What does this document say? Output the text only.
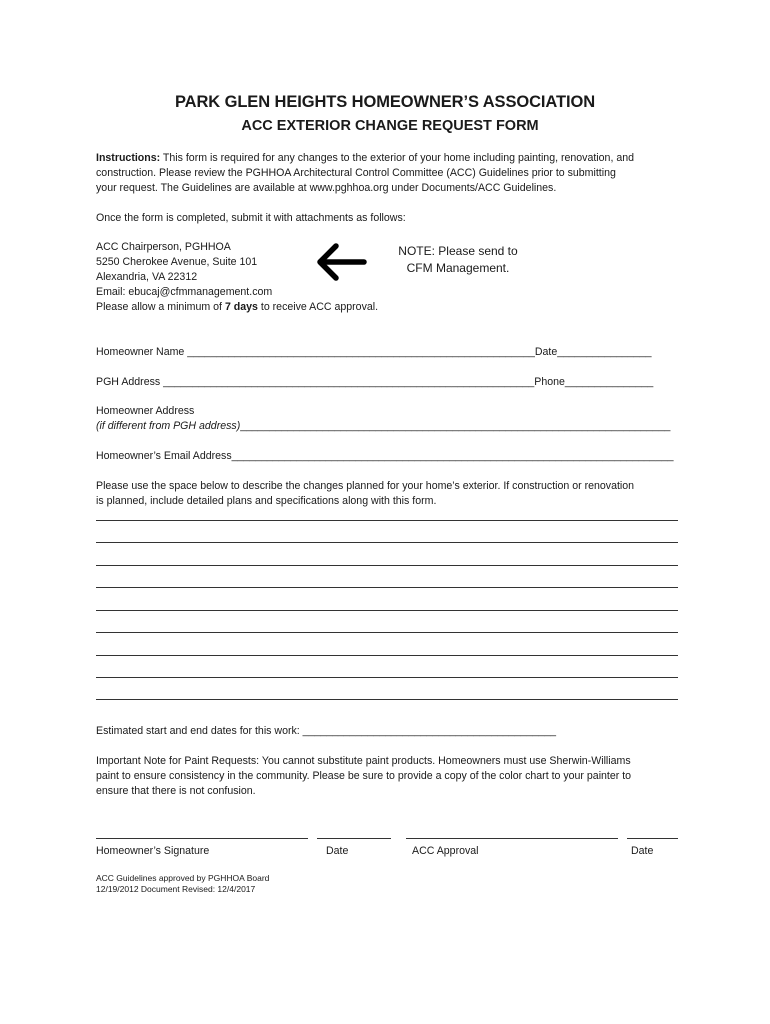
PARK GLEN HEIGHTS HOMEOWNER’S ASSOCIATION
ACC EXTERIOR CHANGE REQUEST FORM
Instructions: This form is required for any changes to the exterior of your home including painting, renovation, and
construction. Please review the PGHHOA Architectural Control Committee (ACC) Guidelines prior to submitting
your request. The Guidelines are available at www.pghhoa.org under Documents/ACC Guidelines.
Once the form is completed, submit it with attachments as follows:
ACC Chairperson, PGHHOA
5250 Cherokee Avenue, Suite 101
Alexandria, VA 22312
Email: ebucaj@cfmmanagement.com
Please allow a minimum of 7 days to receive ACC approval.
NOTE: Please send to
CFM Management.
Homeowner Name ___________________________________________________________Date________________
PGH Address _______________________________________________________________Phone_______________
Homeowner Address
(if different from PGH address)_________________________________________________________________________
Homeowner’s Email Address___________________________________________________________________________
Please use the space below to describe the changes planned for your home’s exterior. If construction or renovation
is planned, include detailed plans and specifications along with this form.
Estimated start and end dates for this work: ___________________________________________
Important Note for Paint Requests: You cannot substitute paint products. Homeowners must use Sherwin-Williams
paint to ensure consistency in the community. Please be sure to provide a copy of the color chart to your painter to
ensure that there is not confusion.
Homeowner’s Signature	Date	ACC Approval	Date
ACC Guidelines approved by PGHHOA Board
12/19/2012 Document Revised: 12/4/2017
